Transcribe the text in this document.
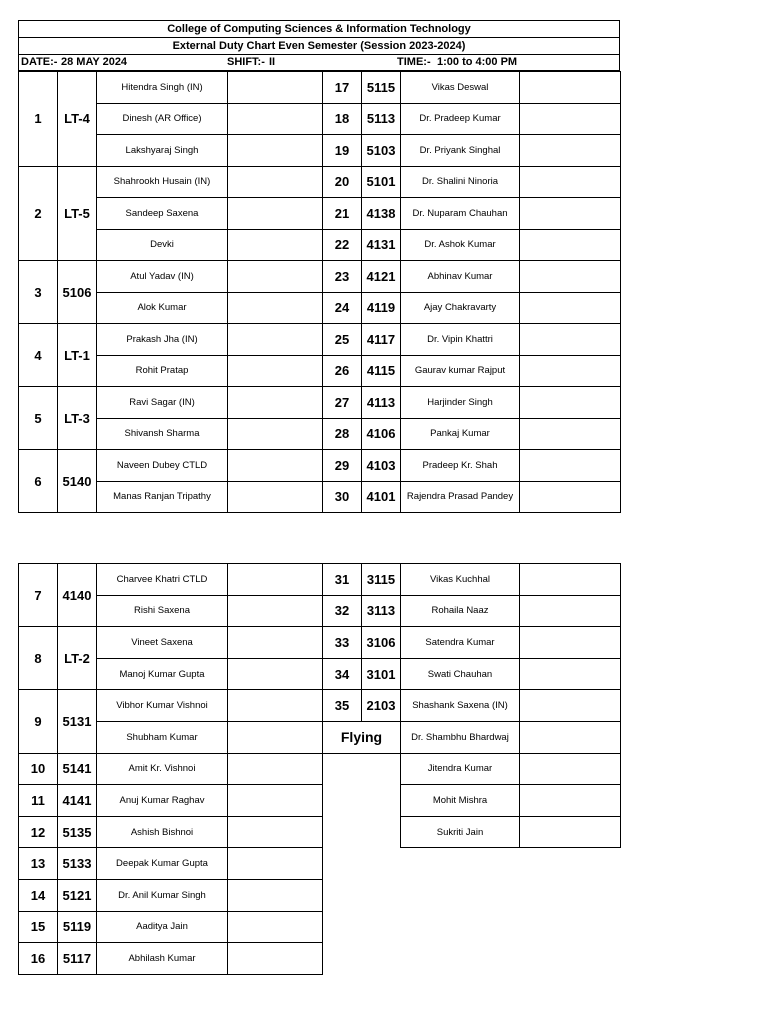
College of Computing Sciences & Information Technology
External Duty Chart Even Semester (Session 2023-2024)
DATE:- 28 MAY 2024	SHIFT:- II	TIME:- 1:00 to 4:00 PM
1	LT-4	Hitendra Singh (IN)		17	5115	Vikas Deswal	
		Dinesh (AR Office)		18	5113	Dr. Pradeep Kumar	
		Lakshyaraj Singh		19	5103	Dr. Priyank Singhal	
2	LT-5	Shahrookh Husain (IN)		20	5101	Dr. Shalini Ninoria	
		Sandeep Saxena		21	4138	Dr. Nuparam Chauhan	
		Devki		22	4131	Dr. Ashok Kumar	
3	5106	Atul Yadav (IN)		23	4121	Abhinav Kumar	
		Alok Kumar		24	4119	Ajay Chakravarty	
4	LT-1	Prakash Jha (IN)		25	4117	Dr. Vipin Khattri	
		Rohit Pratap		26	4115	Gaurav kumar Rajput	
5	LT-3	Ravi Sagar (IN)		27	4113	Harjinder Singh	
		Shivansh Sharma		28	4106	Pankaj Kumar	
6	5140	Naveen Dubey CTLD		29	4103	Pradeep Kr. Shah	
		Manas Ranjan Tripathy		30	4101	Rajendra Prasad Pandey	
7	4140	Charvee Khatri CTLD		31	3115	Vikas Kuchhal	
		Rishi Saxena		32	3113	Rohaila Naaz	
8	LT-2	Vineet Saxena		33	3106	Satendra Kumar	
		Manoj Kumar Gupta		34	3101	Swati Chauhan	
9	5131	Vibhor Kumar Vishnoi		35	2103	Shashank Saxena (IN)	
		Shubham Kumar		Flying		Dr. Shambhu Bhardwaj	
10	5141	Amit Kr. Vishnoi				Jitendra Kumar	
11	4141	Anuj Kumar Raghav				Mohit Mishra	
12	5135	Ashish Bishnoi				Sukriti Jain	
13	5133	Deepak Kumar Gupta					
14	5121	Dr. Anil Kumar Singh					
15	5119	Aaditya Jain					
16	5117	Abhilash Kumar					
